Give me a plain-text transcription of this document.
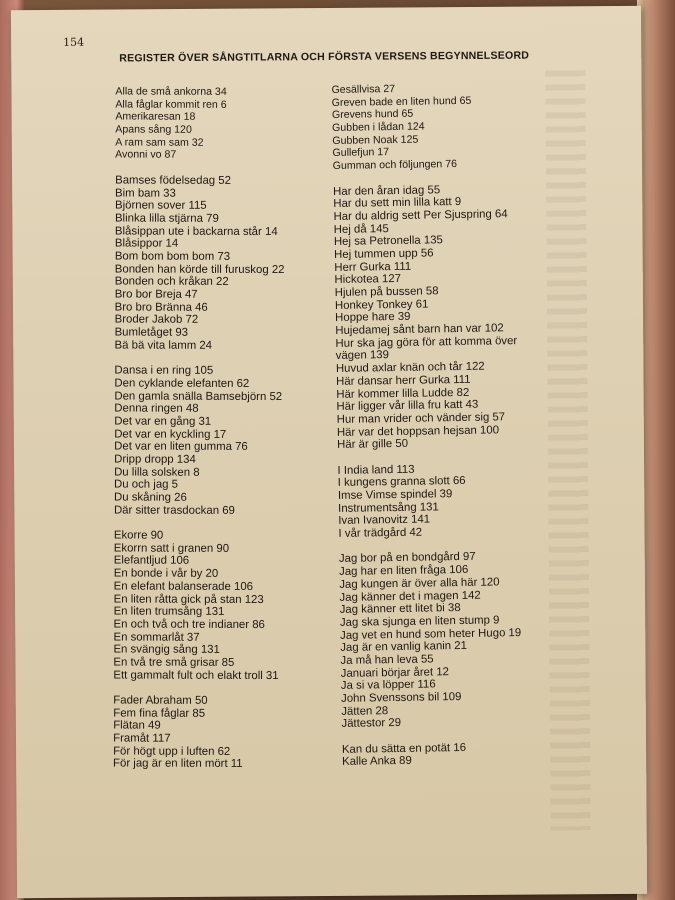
154
REGISTER ÖVER SÅNGTITLARNA OCH FÖRSTA VERSENS BEGYNNELSEORD
Alla de små ankorna 34
Alla fåglar kommit ren 6
Amerikaresan 18
Apans sång 120
A ram sam sam 32
Avonni vo 87
Bamses födelsedag 52
Bim bam 33
Björnen sover 115
Blinka lilla stjärna 79
Blåsippan ute i backarna står 14
Blåsippor 14
Bom bom bom bom 73
Bonden han körde till furuskog 22
Bonden och kråkan 22
Bro bor Breja 47
Bro bro Bränna 46
Broder Jakob 72
Bumletåget 93
Bä bä vita lamm 24
Dansa i en ring 105
Den cyklande elefanten 62
Den gamla snälla Bamsebjörn 52
Denna ringen 48
Det var en gång 31
Det var en kyckling 17
Det var en liten gumma 76
Dripp dropp 134
Du lilla solsken 8
Du och jag 5
Du skåning 26
Där sitter trasdockan 69
Ekorre 90
Ekorrn satt i granen 90
Elefantljud 106
En bonde i vår by 20
En elefant balanserade 106
En liten råtta gick på stan 123
En liten trumsång 131
En och två och tre indianer 86
En sommarlåt 37
En svängig sång 131
En två tre små grisar 85
Ett gammalt fult och elakt troll 31
Fader Abraham 50
Fem fina fåglar 85
Flätan 49
Framåt 117
För högt upp i luften 62
För jag är en liten mört 11
Gesällvisa 27
Greven bade en liten hund 65
Grevens hund 65
Gubben i lådan 124
Gubben Noak 125
Gullefjun 17
Gumman och följungen 76
Har den åran idag 55
Har du sett min lilla katt 9
Har du aldrig sett Per Sjuspring 64
Hej då 145
Hej sa Petronella 135
Hej tummen upp 56
Herr Gurka 111
Hickotea 127
Hjulen på bussen 58
Honkey Tonkey 61
Hoppe hare 39
Hujedamej sånt barn han var 102
Hur ska jag göra för att komma över
vägen 139
Huvud axlar knän och tår 122
Här dansar herr Gurka 111
Här kommer lilla Ludde 82
Här ligger vår lilla fru katt 43
Hur man vrider och vänder sig 57
Här var det hoppsan hejsan 100
Här är gille 50
I India land 113
I kungens granna slott 66
Imse Vimse spindel 39
Instrumentsång 131
Ivan Ivanovitz 141
I vår trädgård 42
Jag bor på en bondgård 97
Jag har en liten fråga 106
Jag kungen är över alla här 120
Jag känner det i magen 142
Jag känner ett litet bi 38
Jag ska sjunga en liten stump 9
Jag vet en hund som heter Hugo 19
Jag är en vanlig kanin 21
Ja må han leva 55
Januari börjar året 12
Ja si va löpper 116
John Svenssons bil 109
Jätten 28
Jättestor 29
Kan du sätta en potät 16
Kalle Anka 89
